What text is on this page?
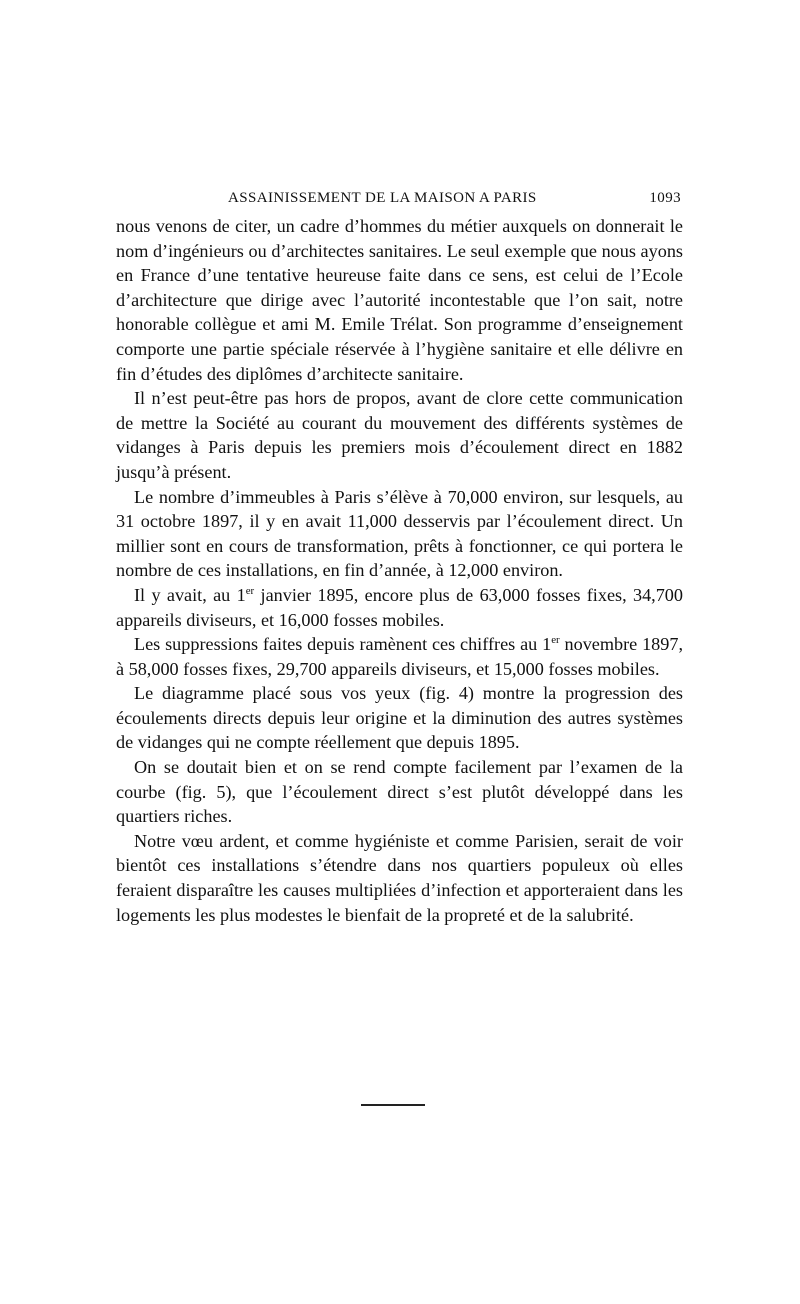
ASSAINISSEMENT DE LA MAISON A PARIS	1093

nous venons de citer, un cadre d’hommes du métier auxquels on donnerait le nom d’ingénieurs ou d’architectes sanitaires. Le seul exemple que nous ayons en France d’une tentative heureuse faite dans ce sens, est celui de l’Ecole d’architecture que dirige avec l’autorité incontestable que l’on sait, notre honorable collègue et ami M. Emile Trélat. Son programme d’enseignement comporte une partie spéciale réservée à l’hygiène sanitaire et elle délivre en fin d’études des diplômes d’architecte sanitaire.

Il n’est peut-être pas hors de propos, avant de clore cette communication de mettre la Société au courant du mouvement des différents systèmes de vidanges à Paris depuis les premiers mois d’écoulement direct en 1882 jusqu’à présent.

Le nombre d’immeubles à Paris s’élève à 70,000 environ, sur lesquels, au 31 octobre 1897, il y en avait 11,000 desservis par l’écoulement direct. Un millier sont en cours de transformation, prêts à fonctionner, ce qui portera le nombre de ces installations, en fin d’année, à 12,000 environ.

Il y avait, au 1er janvier 1895, encore plus de 63,000 fosses fixes, 34,700 appareils diviseurs, et 16,000 fosses mobiles.

Les suppressions faites depuis ramènent ces chiffres au 1er novembre 1897, à 58,000 fosses fixes, 29,700 appareils diviseurs, et 15,000 fosses mobiles.

Le diagramme placé sous vos yeux (fig. 4) montre la progression des écoulements directs depuis leur origine et la diminution des autres systèmes de vidanges qui ne compte réellement que depuis 1895.

On se doutait bien et on se rend compte facilement par l’examen de la courbe (fig. 5), que l’écoulement direct s’est plutôt développé dans les quartiers riches.

Notre vœu ardent, et comme hygiéniste et comme Parisien, serait de voir bientôt ces installations s’étendre dans nos quartiers populeux où elles feraient disparaître les causes multipliées d’infection et apporteraient dans les logements les plus modestes le bienfait de la propreté et de la salubrité.
